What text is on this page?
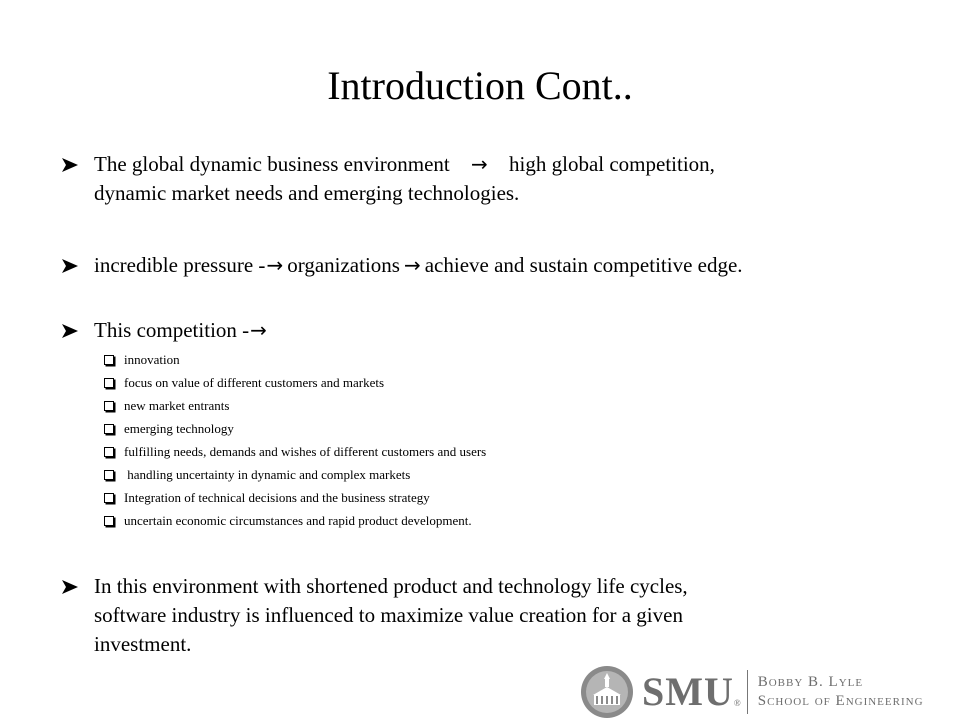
Introduction Cont..
The global dynamic business environment → high global competition,
dynamic market needs and emerging technologies.
incredible pressure -→ organizations → achieve and sustain competitive edge.
This competition -→
innovation
focus on value of different customers and markets
new market entrants
emerging technology
fulfilling needs, demands and wishes of different customers and users
handling uncertainty in dynamic and complex markets
Integration of technical decisions and the business strategy
uncertain economic circumstances and rapid product development.
In this environment with shortened product and technology life cycles,
software industry is influenced to maximize value creation for a given
investment.
SMU ®
Bobby B. Lyle
School of Engineering
